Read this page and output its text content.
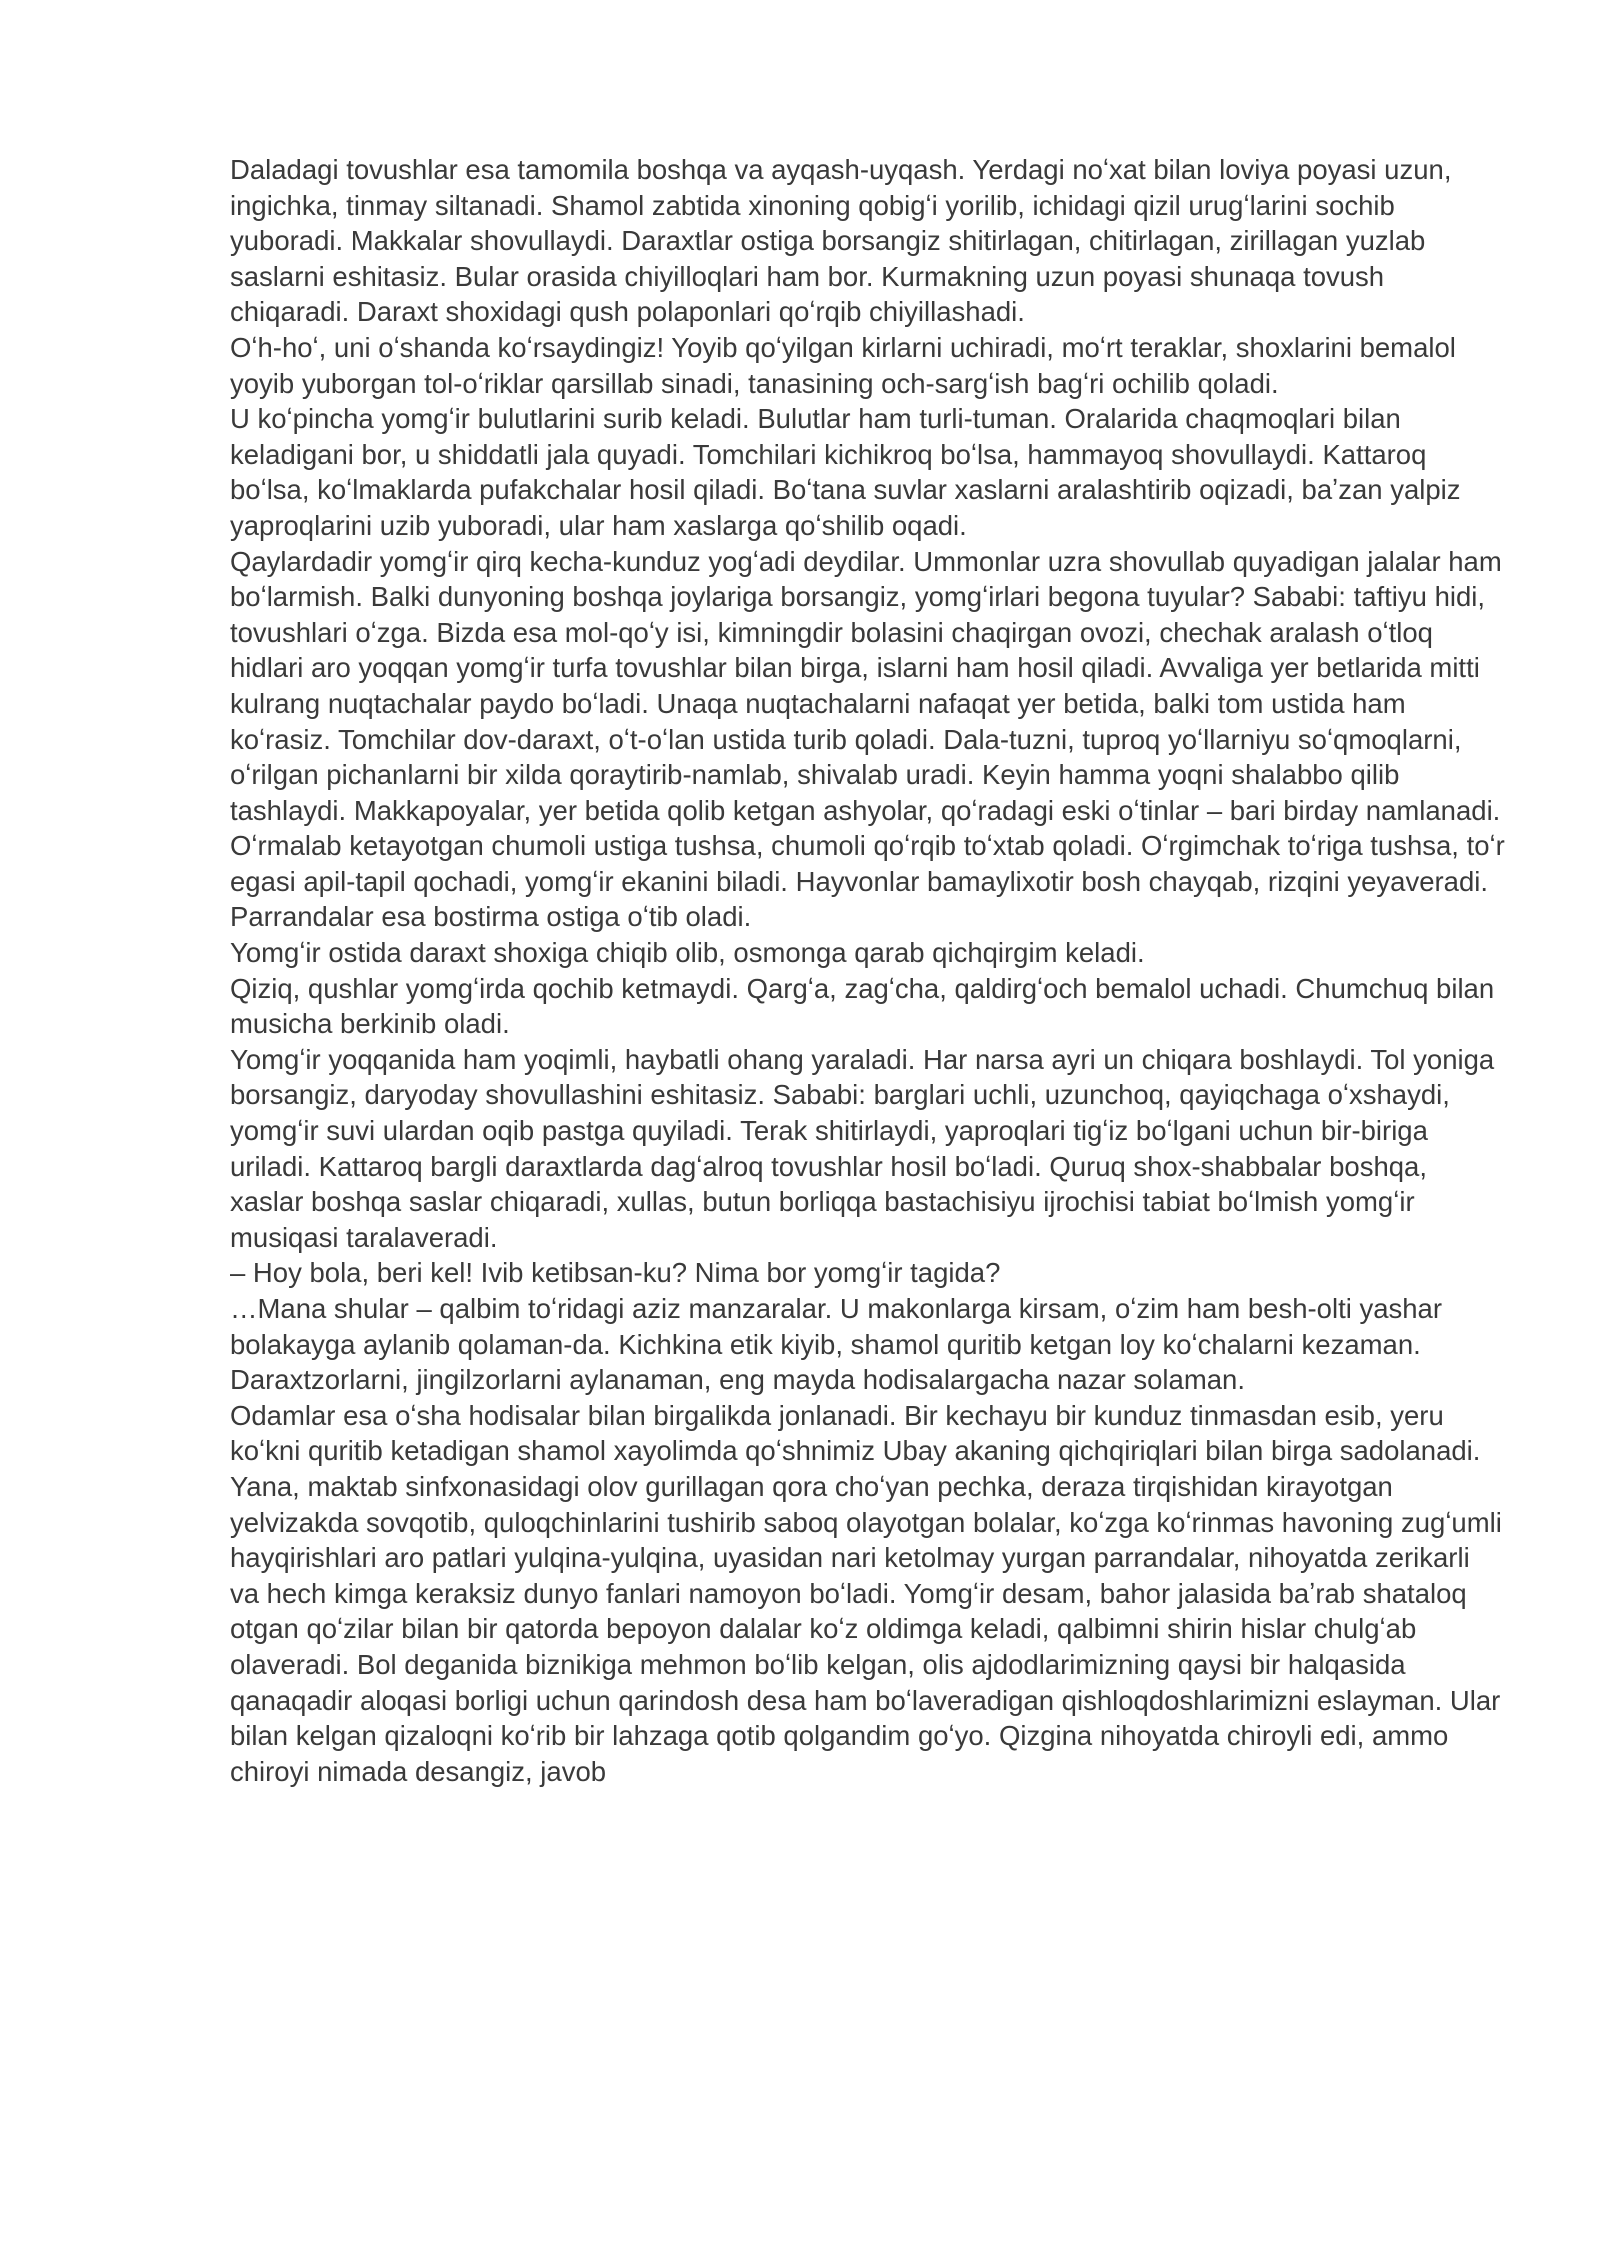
Daladagi tovushlar esa tamomila boshqa va ayqash-uyqash. Yerdagi noʻxat bilan loviya poyasi uzun, ingichka, tinmay siltanadi. Shamol zabtida xinoning qobigʻi yorilib, ichidagi qizil urugʻlarini sochib yuboradi. Makkalar shovullaydi. Daraxtlar ostiga borsangiz shitirlagan, chitirlagan, zirillagan yuzlab saslarni eshitasiz. Bular orasida chiyilloqlari ham bor. Kurmakning uzun poyasi shunaqa tovush chiqaradi. Daraxt shoxidagi qush polaponlari qoʻrqib chiyillashadi.

Oʻh-hoʻ, uni oʻshanda koʻrsaydingiz! Yoyib qoʻyilgan kirlarni uchiradi, moʻrt teraklar, shoxlarini bemalol yoyib yuborgan tol-oʻriklar qarsillab sinadi, tanasining och-sargʻish bagʻri ochilib qoladi.

U koʻpincha yomgʻir bulutlarini surib keladi. Bulutlar ham turli-tuman. Oralarida chaqmoqlari bilan keladigani bor, u shiddatli jala quyadi. Tomchilari kichikroq boʻlsa, hammayoq shovullaydi. Kattaroq boʻlsa, koʻlmaklarda pufakchalar hosil qiladi. Boʻtana suvlar xaslarni aralashtirib oqizadi, baʼzan yalpiz yaproqlarini uzib yuboradi, ular ham xaslarga qoʻshilib oqadi.

Qaylardadir yomgʻir qirq kecha-kunduz yogʻadi deydilar. Ummonlar uzra shovullab quyadigan jalalar ham boʻlarmish. Balki dunyoning boshqa joylariga borsangiz, yomgʻirlari begona tuyular? Sababi: taftiyu hidi, tovushlari oʻzga. Bizda esa mol-qoʻy isi, kimningdir bolasini chaqirgan ovozi, chechak aralash oʻtloq hidlari aro yoqqan yomgʻir turfa tovushlar bilan birga, islarni ham hosil qiladi. Avvaliga yer betlarida mitti kulrang nuqtachalar paydo boʻladi. Unaqa nuqtachalarni nafaqat yer betida, balki tom ustida ham koʻrasiz. Tomchilar dov-daraxt, oʻt-oʻlan ustida turib qoladi. Dala-tuzni, tuproq yoʻllarniyu soʻqmoqlarni, oʻrilgan pichanlarni bir xilda qoraytirib-namlab, shivalab uradi. Keyin hamma yoqni shalabbo qilib tashlaydi. Makkapoyalar, yer betida qolib ketgan ashyolar, qoʻradagi eski oʻtinlar – bari birday namlanadi. Oʻrmalab ketayotgan chumoli ustiga tushsa, chumoli qoʻrqib toʻxtab qoladi. Oʻrgimchak toʻriga tushsa, toʻr egasi apil-tapil qochadi, yomgʻir ekanini biladi. Hayvonlar bamaylixotir bosh chayqab, rizqini yeyaveradi. Parrandalar esa bostirma ostiga oʻtib oladi.

Yomgʻir ostida daraxt shoxiga chiqib olib, osmonga qarab qichqirgim keladi.

Qiziq, qushlar yomgʻirda qochib ketmaydi. Qargʻa, zagʻcha, qaldirgʻoch bemalol uchadi. Chumchuq bilan musicha berkinib oladi.

Yomgʻir yoqqanida ham yoqimli, haybatli ohang yaraladi. Har narsa ayri un chiqara boshlaydi. Tol yoniga borsangiz, daryoday shovullashini eshitasiz. Sababi: barglari uchli, uzunchoq, qayiqchaga oʻxshaydi, yomgʻir suvi ulardan oqib pastga quyiladi. Terak shitirlaydi, yaproqlari tigʻiz boʻlgani uchun bir-biriga uriladi. Kattaroq bargli daraxtlarda dagʻalroq tovushlar hosil boʻladi. Quruq shox-shabbalar boshqa, xaslar boshqa saslar chiqaradi, xullas, butun borliqqa bastachisiyu ijrochisi tabiat boʻlmish yomgʻir musiqasi taralaveradi.

– Hoy bola, beri kel! Ivib ketibsan-ku? Nima bor yomgʻir tagida?

…Mana shular – qalbim toʻridagi aziz manzaralar. U makonlarga kirsam, oʻzim ham besh-olti yashar bolakayga aylanib qolaman-da. Kichkina etik kiyib, shamol quritib ketgan loy koʻchalarni kezaman. Daraxtzorlarni, jingilzorlarni aylanaman, eng mayda hodisalargacha nazar solaman.

Odamlar esa oʻsha hodisalar bilan birgalikda jonlanadi. Bir kechayu bir kunduz tinmasdan esib, yeru koʻkni quritib ketadigan shamol xayolimda qoʻshnimiz Ubay akaning qichqiriqlari bilan birga sadolanadi. Yana, maktab sinfxonasidagi olov gurillagan qora choʻyan pechka, deraza tirqishidan kirayotgan yelvizakda sovqotib, quloqchinlarini tushirib saboq olayotgan bolalar, koʻzga koʻrinmas havoning zugʻumli hayqirishlari aro patlari yulqina-yulqina, uyasidan nari ketolmay yurgan parrandalar, nihoyatda zerikarli va hech kimga keraksiz dunyo fanlari namoyon boʻladi. Yomgʻir desam, bahor jalasida baʼrab shataloq otgan qoʻzilar bilan bir qatorda bepoyon dalalar koʻz oldimga keladi, qalbimni shirin hislar chulgʻab olaveradi. Bol deganida biznikiga mehmon boʻlib kelgan, olis ajdodlarimizning qaysi bir halqasida qanaqadir aloqasi borligi uchun qarindosh desa ham boʻlaveradigan qishloqdoshlarimizni eslayman. Ular bilan kelgan qizaloqni koʻrib bir lahzaga qotib qolgandim goʻyo. Qizgina nihoyatda chiroyli edi, ammo chiroyi nimada desangiz, javob
